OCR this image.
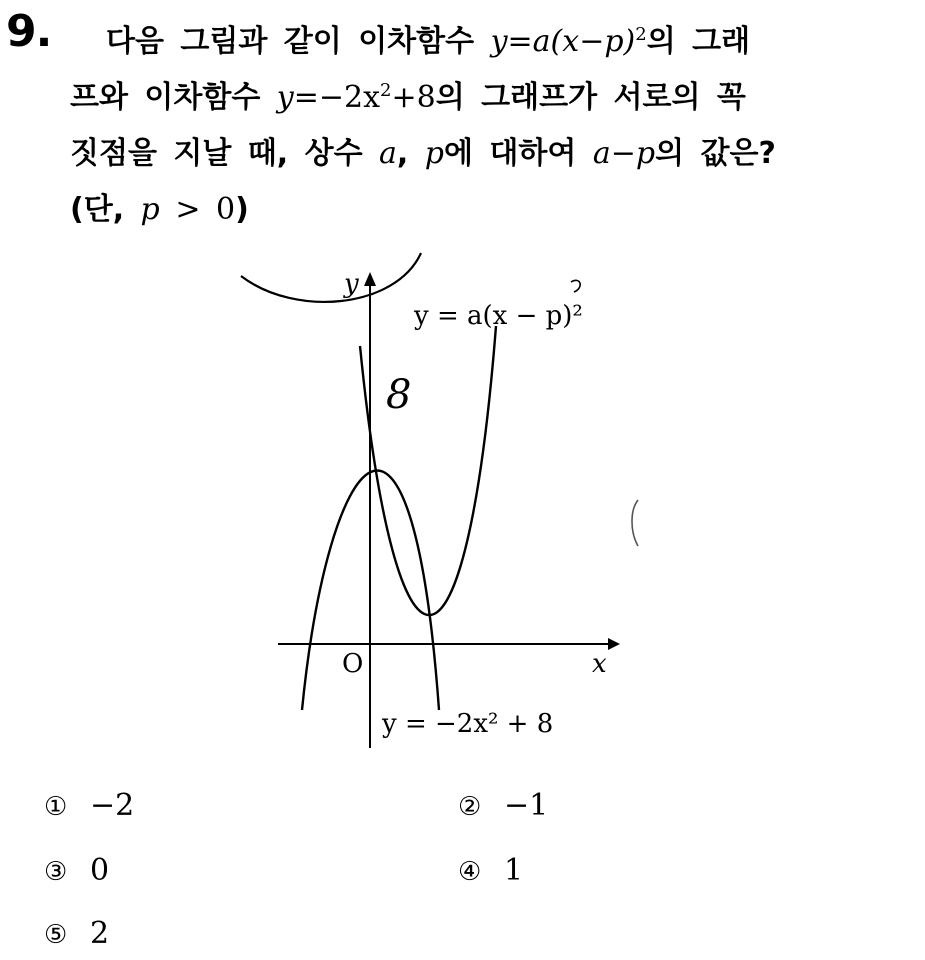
9.	다음 그림과 같이 이차함수 $y=a(x-p)^2$의 그래
프와 이차함수 $y=-2x^2+8$의 그래프가 서로의 꼭
짓점을 지날 때, 상수 a, p에 대하여 a−p의 값은?
(단, p > 0)
8
y
x
O
y = a(x − p)²
y = −2x² + 8
① −2	② −1
③ 0	④ 1
⑤ 2
